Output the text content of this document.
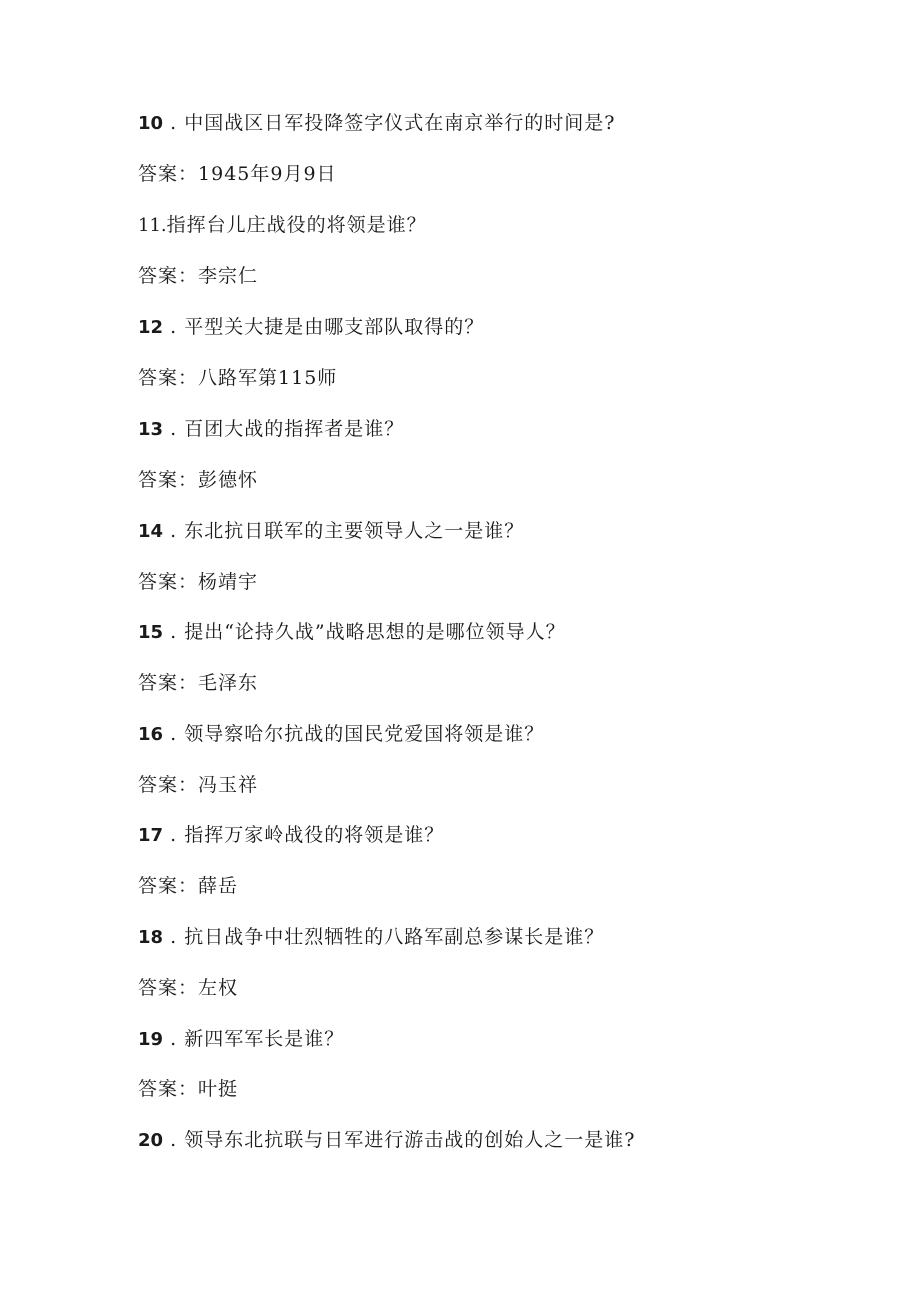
10 . 中国战区日军投降签字仪式在南京举行的时间是?
答案：1945年9月9日
11.指挥台儿庄战役的将领是谁？
答案：李宗仁
12 . 平型关大捷是由哪支部队取得的？
答案：八路军第115师
13 . 百团大战的指挥者是谁？
答案：彭德怀
14 . 东北抗日联军的主要领导人之一是谁？
答案：杨靖宇
15 . 提出“论持久战”战略思想的是哪位领导人？
答案：毛泽东
16 . 领导察哈尔抗战的国民党爱国将领是谁？
答案：冯玉祥
17 . 指挥万家岭战役的将领是谁？
答案：薛岳
18 . 抗日战争中壮烈牺牲的八路军副总参谋长是谁？
答案：左权
19 . 新四军军长是谁？
答案：叶挺
20 . 领导东北抗联与日军进行游击战的创始人之一是谁?
